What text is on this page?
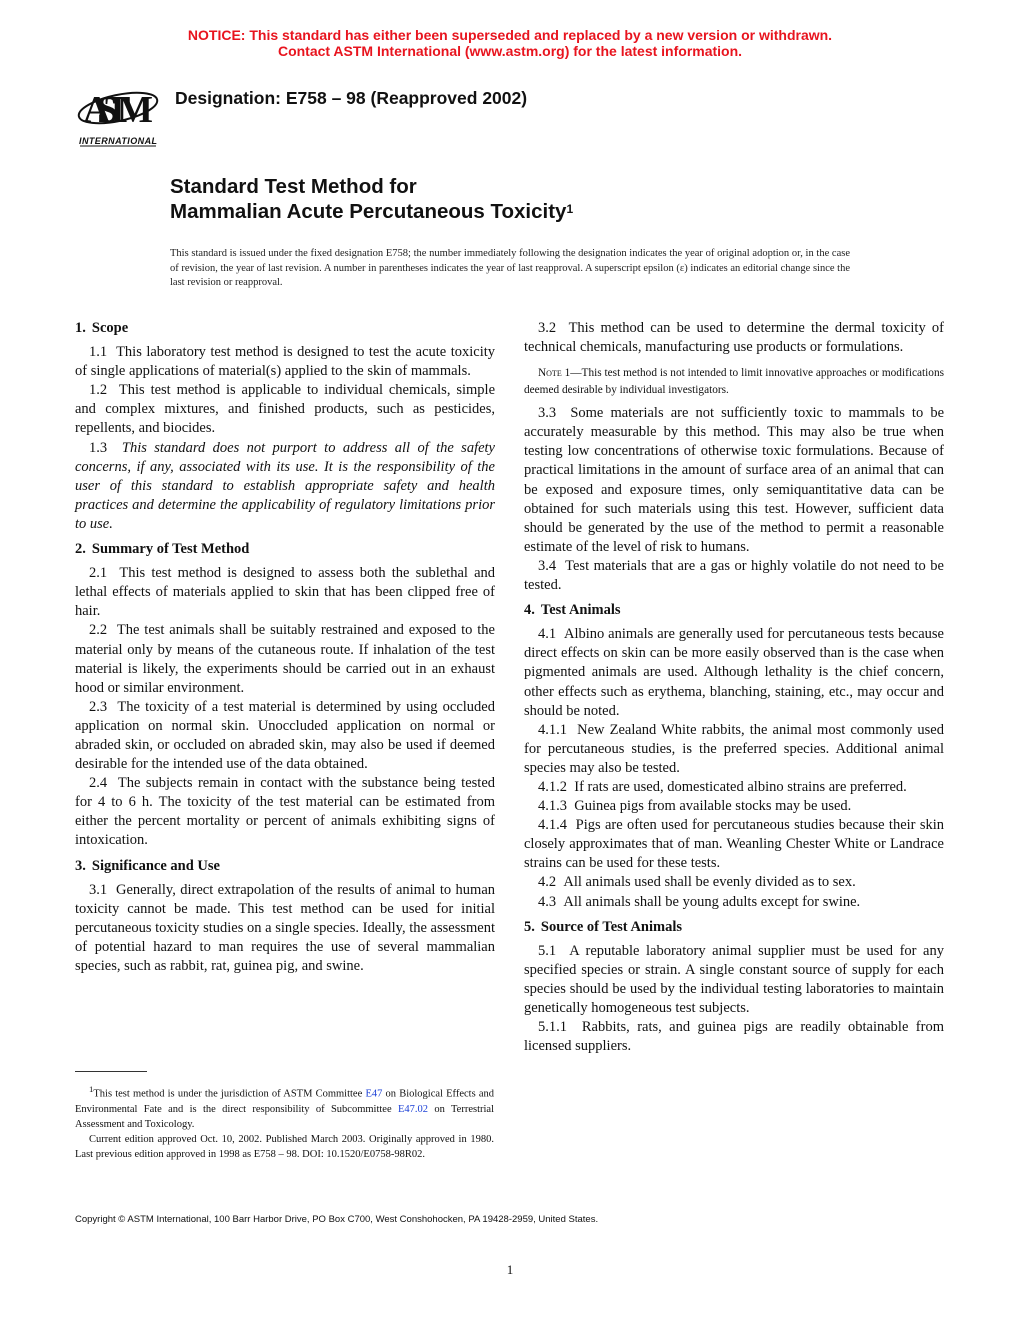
NOTICE: This standard has either been superseded and replaced by a new version or withdrawn.
Contact ASTM International (www.astm.org) for the latest information.
ASTM
INTERNATIONAL
Designation: E758 – 98 (Reapproved 2002)
Standard Test Method for
Mammalian Acute Percutaneous Toxicity$^1$
This standard is issued under the fixed designation E758; the number immediately following the designation indicates the year of original adoption or, in the case of revision, the year of last revision. A number in parentheses indicates the year of last reapproval. A superscript epsilon (ε) indicates an editorial change since the last revision or reapproval.
1. Scope

1.1 This laboratory test method is designed to test the acute toxicity of single applications of material(s) applied to the skin of mammals.

1.2 This test method is applicable to individual chemicals, simple and complex mixtures, and finished products, such as pesticides, repellents, and biocides.

1.3 This standard does not purport to address all of the safety concerns, if any, associated with its use. It is the responsibility of the user of this standard to establish appropriate safety and health practices and determine the applicability of regulatory limitations prior to use.

2. Summary of Test Method

2.1 This test method is designed to assess both the sublethal and lethal effects of materials applied to skin that has been clipped free of hair.

2.2 The test animals shall be suitably restrained and exposed to the material only by means of the cutaneous route. If inhalation of the test material is likely, the experiments should be carried out in an exhaust hood or similar environment.

2.3 The toxicity of a test material is determined by using occluded application on normal skin. Unoccluded application on normal or abraded skin, or occluded on abraded skin, may also be used if deemed desirable for the intended use of the data obtained.

2.4 The subjects remain in contact with the substance being tested for 4 to 6 h. The toxicity of the test material can be estimated from either the percent mortality or percent of animals exhibiting signs of intoxication.

3. Significance and Use

3.1 Generally, direct extrapolation of the results of animal to human toxicity cannot be made. This test method can be used for initial percutaneous toxicity studies on a single species. Ideally, the assessment of potential hazard to man requires the use of several mammalian species, such as rabbit, rat, guinea pig, and swine.

3.2 This method can be used to determine the dermal toxicity of technical chemicals, manufacturing use products or formulations.

Note 1—This test method is not intended to limit innovative approaches or modifications deemed desirable by individual investigators.

3.3 Some materials are not sufficiently toxic to mammals to be accurately measurable by this method. This may also be true when testing low concentrations of otherwise toxic formulations. Because of practical limitations in the amount of surface area of an animal that can be exposed and exposure times, only semiquantitative data can be obtained for such materials using this test. However, sufficient data should be generated by the use of the method to permit a reasonable estimate of the level of risk to humans.

3.4 Test materials that are a gas or highly volatile do not need to be tested.

4. Test Animals

4.1 Albino animals are generally used for percutaneous tests because direct effects on skin can be more easily observed than is the case when pigmented animals are used. Although lethality is the chief concern, other effects such as erythema, blanching, staining, etc., may occur and should be noted.

4.1.1 New Zealand White rabbits, the animal most commonly used for percutaneous studies, is the preferred species. Additional animal species may also be tested.

4.1.2 If rats are used, domesticated albino strains are preferred.

4.1.3 Guinea pigs from available stocks may be used.

4.1.4 Pigs are often used for percutaneous studies because their skin closely approximates that of man. Weanling Chester White or Landrace strains can be used for these tests.

4.2 All animals used shall be evenly divided as to sex.

4.3 All animals shall be young adults except for swine.

5. Source of Test Animals

5.1 A reputable laboratory animal supplier must be used for any specified species or strain. A single constant source of supply for each species should be used by the individual testing laboratories to maintain genetically homogeneous test subjects.

5.1.1 Rabbits, rats, and guinea pigs are readily obtainable from licensed suppliers.

$^1$This test method is under the jurisdiction of ASTM Committee E47 on Biological Effects and Environmental Fate and is the direct responsibility of Subcommittee E47.02 on Terrestrial Assessment and Toxicology.

Current edition approved Oct. 10, 2002. Published March 2003. Originally approved in 1980. Last previous edition approved in 1998 as E758 – 98. DOI: 10.1520/E0758-98R02.

Copyright © ASTM International, 100 Barr Harbor Drive, PO Box C700, West Conshohocken, PA 19428-2959, United States.
1
